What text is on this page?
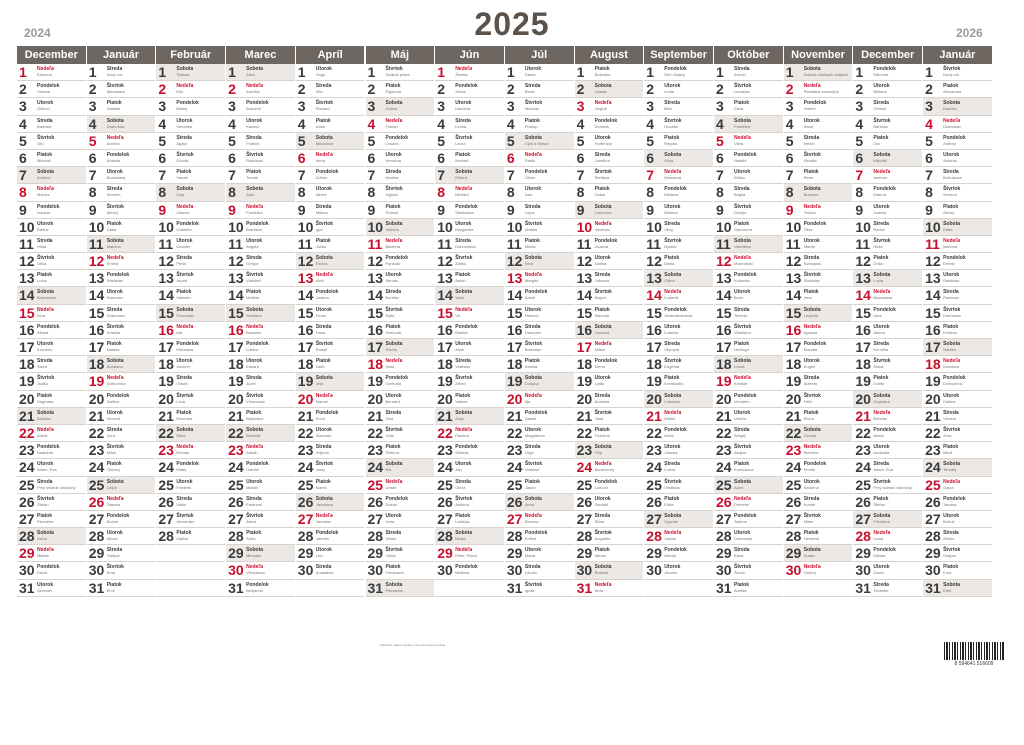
2024	2025	2026
December
1 Nedeľa
Edmund
2 Pondelok
Viviána
3 Utorok
Oldrich
4 Streda
Barbara
5 Štvrtok
Oto
6 Piatok
Mikuláš
7 Sobota
Ambróz
8 Nedeľa
Marína
9 Pondelok
Izabela
10 Utorok
Radúz
11 Streda
Hilda
12 Štvrtok
Otília
13 Piatok
Lucia
14 Sobota
Branislava
15 Nedeľa
Ivica
16 Pondelok
Albína
17 Utorok
Kornélia
18 Streda
Sláva
19 Štvrtok
Judita
20 Piatok
Dagmara
21 Sobota
Bohdan
22 Nedeľa
Adela
23 Pondelok
Nadežda
24 Utorok
Adam, Eva
25 Streda
Prvý sviatok vianočný
26 Štvrtok
Štefan
27 Piatok
Filoména
28 Sobota
Ivana
29 Nedeľa
Milada
30 Pondelok
Dávid
31 Utorok
Silvester
Január
1 Streda
Nový rok
2 Štvrtok
Alexandra
3 Piatok
Daniela
4 Sobota
Drahoslav
5 Nedeľa
Andrea
6 Pondelok
Antónia
7 Utorok
Bohuslava
8 Streda
Severín
9 Štvrtok
Alexej
10 Piatok
Dáša
11 Sobota
Malvína
12 Nedeľa
Ernest
13 Pondelok
Rastislav
14 Utorok
Radovan
15 Streda
Dobroslav
16 Štvrtok
Kristína
17 Piatok
Nataša
18 Sobota
Bohdana
19 Nedeľa
Drahomíra
20 Pondelok
Dalibor
21 Utorok
Vincent
22 Streda
Zora
23 Štvrtok
Miloš
24 Piatok
Timotej
25 Sobota
Gejza
26 Nedeľa
Tamara
27 Pondelok
Bohuš
28 Utorok
Alfonz
29 Streda
Gašpar
30 Štvrtok
Ema
31 Piatok
Emil
Február
1 Sobota
Tatiana
2 Nedeľa
Erik
3 Pondelok
Blažej
4 Utorok
Veronika
5 Streda
Agáta
6 Štvrtok
Dorota
7 Piatok
Vanda
8 Sobota
Zoja
9 Nedeľa
Zdenko
10 Pondelok
Gabriela
11 Utorok
Dezider
12 Streda
Perla
13 Štvrtok
Arpád
14 Piatok
Valentín
15 Sobota
Pravoslav
16 Nedeľa
Ida
17 Pondelok
Miloslava
18 Utorok
Jaromír
19 Streda
Vlasta
20 Štvrtok
Lívia
21 Piatok
Eleonóra
22 Sobota
Etela
23 Nedeľa
Roman
24 Pondelok
Matej
25 Utorok
Frederik
26 Streda
Viktor
27 Štvrtok
Alexander
28 Piatok
Zlatica
Marec
1 Sobota
Albín
2 Nedeľa
Anežka
3 Pondelok
Bohumil
4 Utorok
Kazimír
5 Streda
Fridrich
6 Štvrtok
Radoslav
7 Piatok
Tomáš
8 Sobota
Alan
9 Nedeľa
Františka
10 Pondelok
Branislav
11 Utorok
Angela
12 Streda
Gregor
13 Štvrtok
Vlastimil
14 Piatok
Matilda
15 Sobota
Svetlana
16 Nedeľa
Boleslav
17 Pondelok
Ľubica
18 Utorok
Eduard
19 Streda
Jozef
20 Štvrtok
Víťazoslav
21 Piatok
Blahoslav
22 Sobota
Beňadik
23 Nedeľa
Adrián
24 Pondelok
Gabriel
25 Utorok
Marián
26 Streda
Emanuel
27 Štvrtok
Alena
28 Piatok
Soňa
29 Sobota
Miroslav
30 Nedeľa
Vieroslava
31 Pondelok
Benjamín
Apríl
1 Utorok
Hugo
2 Streda
Zita
3 Štvrtok
Richard
4 Piatok
Izidor
5 Sobota
Miroslava
6 Nedeľa
Irena
7 Pondelok
Zoltán
8 Utorok
Albert
9 Streda
Milena
10 Štvrtok
Igor
11 Piatok
Július
12 Sobota
Estera
13 Nedeľa
Aleš
14 Pondelok
Justína
15 Utorok
Fedor
16 Streda
Dana
17 Štvrtok
Rudolf
18 Piatok
Valér
19 Sobota
Jela
20 Nedeľa
Marcel
21 Pondelok
Ervín
22 Utorok
Slavomír
23 Streda
Vojtech
24 Štvrtok
Juraj
25 Piatok
Marek
26 Sobota
Jaroslava
27 Nedeľa
Jaroslav
28 Pondelok
Jarmila
29 Utorok
Lea
30 Streda
Anastázia
Máj
1 Štvrtok
Sviatok práce
2 Piatok
Žigmund
3 Sobota
Galina
4 Nedeľa
Florián
5 Pondelok
Lesana
6 Utorok
Hermína
7 Streda
Monika
8 Štvrtok
Ingrida
9 Piatok
Roland
10 Sobota
Viktória
11 Nedeľa
Blažena
12 Pondelok
Pankrác
13 Utorok
Servác
14 Streda
Bonifác
15 Štvrtok
Žofia
16 Piatok
Svetozár
17 Sobota
Gizela
18 Nedeľa
Viola
19 Pondelok
Gertrúda
20 Utorok
Bernard
21 Streda
Zina
22 Štvrtok
Júlia
23 Piatok
Želmíra
24 Sobota
Ela
25 Nedeľa
Urban
26 Pondelok
Dušan
27 Utorok
Iveta
28 Streda
Viliam
29 Štvrtok
Vilma
30 Piatok
Ferdinand
31 Sobota
Petronela
Jún
1 Nedeľa
Žaneta
2 Pondelok
Xénia
3 Utorok
Karolína
4 Streda
Lenka
5 Štvrtok
Laura
6 Piatok
Norbert
7 Sobota
Róbert
8 Nedeľa
Medard
9 Pondelok
Stanislava
10 Utorok
Margaréta
11 Streda
Dobroslava
12 Štvrtok
Zlatko
13 Piatok
Anton
14 Sobota
Vasil
15 Nedeľa
Vít
16 Pondelok
Blanka
17 Utorok
Adolf
18 Streda
Vratislav
19 Štvrtok
Alfréd
20 Piatok
Valéria
21 Sobota
Alojz
22 Nedeľa
Paulína
23 Pondelok
Sidónia
24 Utorok
Ján
25 Streda
Olívia
26 Štvrtok
Adriána
27 Piatok
Ladislav
28 Sobota
Beáta
29 Nedeľa
Peter, Pavol
30 Pondelok
Melánia
Júl
1 Utorok
Diana
2 Streda
Berta
3 Štvrtok
Miloslav
4 Piatok
Prokop
5 Sobota
Cyril a Metod
6 Nedeľa
Patrik
7 Pondelok
Oliver
8 Utorok
Ivan
9 Streda
Lujza
10 Štvrtok
Amália
11 Piatok
Milota
12 Sobota
Nina
13 Nedeľa
Margita
14 Pondelok
Kamil
15 Utorok
Henrich
16 Streda
Drahomír
17 Štvrtok
Bohuslav
18 Piatok
Kamila
19 Sobota
Dušana
20 Nedeľa
Iľja
21 Pondelok
Daniel
22 Utorok
Magdaléna
23 Streda
Oľga
24 Štvrtok
Vladimír
25 Piatok
Jakub
26 Sobota
Anna
27 Nedeľa
Božena
28 Pondelok
Krištof
29 Utorok
Marta
30 Streda
Libuša
31 Štvrtok
Ignác
August
1 Piatok
Božidara
2 Sobota
Gustáv
3 Nedeľa
Jerguš
4 Pondelok
Dominik
5 Utorok
Hortenzia
6 Streda
Jozefína
7 Štvrtok
Štefánia
8 Piatok
Oskar
9 Sobota
Ľubomíra
10 Nedeľa
Vavrinec
11 Pondelok
Zuzana
12 Utorok
Darina
13 Streda
Ľubomír
14 Štvrtok
Mojmír
15 Piatok
Marcela
16 Sobota
Leonard
17 Nedeľa
Milica
18 Pondelok
Elena
19 Utorok
Lýdia
20 Streda
Anabela
21 Štvrtok
Jana
22 Piatok
Tichomír
23 Sobota
Filip
24 Nedeľa
Bartolomej
25 Pondelok
Ľudovít
26 Utorok
Samuel
27 Streda
Silvia
28 Štvrtok
Augustín
29 Piatok
Nikola
30 Sobota
Ružena
31 Nedeľa
Nora
September
1 Pondelok
Deň Ústavy
2 Utorok
Linda
3 Streda
Belo
4 Štvrtok
Rozália
5 Piatok
Regína
6 Sobota
Alica
7 Nedeľa
Marianna
8 Pondelok
Miriama
9 Utorok
Martina
10 Streda
Oleg
11 Štvrtok
Bystrík
12 Piatok
Mária
13 Sobota
Ctibor
14 Nedeľa
Ľudomil
15 Pondelok
Sedembolestná
16 Utorok
Ľudmila
17 Streda
Olympia
18 Štvrtok
Eugénia
19 Piatok
Konštantín
20 Sobota
Ľuboslav
21 Nedeľa
Matúš
22 Pondelok
Móric
23 Utorok
Zdenka
24 Streda
Ľuboš
25 Štvrtok
Vladislav
26 Piatok
Edita
27 Sobota
Cyprián
28 Nedeľa
Václav
29 Pondelok
Michal
30 Utorok
Jarolím
Október
1 Streda
Arnold
2 Štvrtok
Levoslav
3 Piatok
Stela
4 Sobota
František
5 Nedeľa
Viera
6 Pondelok
Natália
7 Utorok
Eliška
8 Streda
Brigita
9 Štvrtok
Dionýz
10 Piatok
Slavomíra
11 Sobota
Valentína
12 Nedeľa
Maximilián
13 Pondelok
Koloman
14 Utorok
Boris
15 Streda
Terézia
16 Štvrtok
Vladimíra
17 Piatok
Hedviga
18 Sobota
Lukáš
19 Nedeľa
Kristián
20 Pondelok
Vendelín
21 Utorok
Uršuľa
22 Streda
Sergej
23 Štvrtok
Alojzia
24 Piatok
Kvetoslava
25 Sobota
Aurel
26 Nedeľa
Demeter
27 Pondelok
Sabína
28 Utorok
Dobromila
29 Streda
Klára
30 Štvrtok
Šimon
31 Piatok
Aurélia
November
1 Sobota
Sviatok všetkých svätých
2 Nedeľa
Pamiatka zosnulých
3 Pondelok
Hubert
4 Utorok
Karol
5 Streda
Imrich
6 Štvrtok
Renáta
7 Piatok
René
8 Sobota
Bohumír
9 Nedeľa
Teodor
10 Pondelok
Tibor
11 Utorok
Martin
12 Streda
Svätopluk
13 Štvrtok
Stanislav
14 Piatok
Irma
15 Sobota
Leopold
16 Nedeľa
Agnesa
17 Pondelok
Klaudia
18 Utorok
Eugen
19 Streda
Alžbeta
20 Štvrtok
Félix
21 Piatok
Elvíra
22 Sobota
Cecília
23 Nedeľa
Klement
24 Pondelok
Emília
25 Utorok
Katarína
26 Streda
Kornel
27 Štvrtok
Milan
28 Piatok
Henrieta
29 Sobota
Vratko
30 Nedeľa
Ondrej
December
1 Pondelok
Edmund
2 Utorok
Bibiána
3 Streda
Oldrich
4 Štvrtok
Barbora
5 Piatok
Oto
6 Sobota
Mikuláš
7 Nedeľa
Ambróz
8 Pondelok
Marína
9 Utorok
Izabela
10 Streda
Radúz
11 Štvrtok
Hilda
12 Piatok
Otília
13 Sobota
Lucia
14 Nedeľa
Branislava
15 Pondelok
Ivica
16 Utorok
Albína
17 Streda
Kornélia
18 Štvrtok
Sláva
19 Piatok
Judita
20 Sobota
Dagmara
21 Nedeľa
Bohdan
22 Pondelok
Adela
23 Utorok
Nadežda
24 Streda
Adam, Eva
25 Štvrtok
Prvý sviatok vianočný
26 Piatok
Štefan
27 Sobota
Filoména
28 Nedeľa
Ivana
29 Pondelok
Milada
30 Utorok
Dávid
31 Streda
Silvester
Január
1 Štvrtok
Nový rok
2 Piatok
Alexandra
3 Sobota
Daniela
4 Nedeľa
Drahoslav
5 Pondelok
Andrea
6 Utorok
Antónia
7 Streda
Bohuslava
8 Štvrtok
Severín
9 Piatok
Alexej
10 Sobota
Dáša
11 Nedeľa
Malvína
12 Pondelok
Ernest
13 Utorok
Rastislav
14 Streda
Radovan
15 Štvrtok
Dobroslav
16 Piatok
Kristína
17 Sobota
Nataša
18 Nedeľa
Bohdana
19 Pondelok
Drahomíra
20 Utorok
Dalibor
21 Streda
Vincent
22 Štvrtok
Zora
23 Piatok
Miloš
24 Sobota
Timotej
25 Nedeľa
Gejza
26 Pondelok
Tamara
27 Utorok
Bohuš
28 Streda
Alfonz
29 Štvrtok
Gašpar
30 Piatok
Ema
31 Sobota
Emil
Kalendár, štátne sviatky a dni pracovného pokoja.
8 594641 516609
